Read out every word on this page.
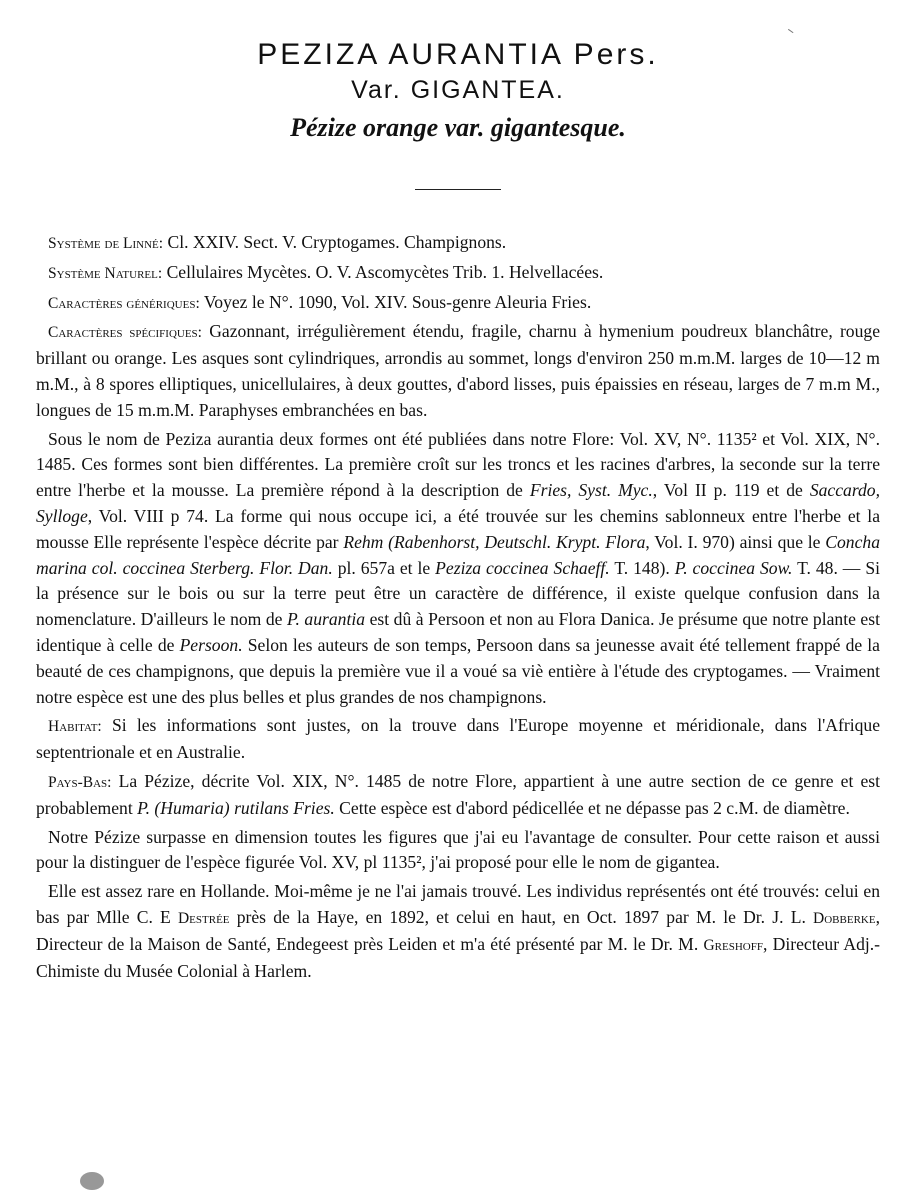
PEZIZA AURANTIA Pers.
Var. GIGANTEA.
Pézize orange var. gigantesque.

Système de Linné: Cl. XXIV. Sect. V. Cryptogames. Champignons.

Système Naturel: Cellulaires Mycètes. O. V. Ascomycètes Trib. 1. Helvellacées.

Caractères génériques: Voyez le N°. 1090, Vol. XIV. Sous-genre Aleuria Fries.

Caractères spécifiques: Gazonnant, irrégulièrement étendu, fragile, charnu à hymenium poudreux blanchâtre, rouge brillant ou orange. Les asques sont cylindriques, arrondis au sommet, longs d'environ 250 m.m.M. larges de 10—12 m m.M., à 8 spores elliptiques, unicellulaires, à deux gouttes, d'abord lisses, puis épaissies en réseau, larges de 7 m.m M., longues de 15 m.m.M. Paraphyses embranchées en bas.

Sous le nom de Peziza aurantia deux formes ont été publiées dans notre Flore: Vol. XV, N°. 1135² et Vol. XIX, N°. 1485. Ces formes sont bien différentes. La première croît sur les troncs et les racines d'arbres, la seconde sur la terre entre l'herbe et la mousse. La première répond à la description de Fries, Syst. Myc., Vol II p. 119 et de Saccardo, Sylloge, Vol. VIII p 74. La forme qui nous occupe ici, a été trouvée sur les chemins sablonneux entre l'herbe et la mousse Elle représente l'espèce décrite par Rehm (Rabenhorst, Deutschl. Krypt. Flora, Vol. I. 970) ainsi que le Concha marina col. coccinea Sterberg. Flor. Dan. pl. 657a et le Peziza coccinea Schaeff. T. 148). P. coccinea Sow. T. 48. — Si la présence sur le bois ou sur la terre peut être un caractère de différence, il existe quelque confusion dans la nomenclature. D'ailleurs le nom de P. aurantia est dû à Persoon et non au Flora Danica. Je présume que notre plante est identique à celle de Persoon. Selon les auteurs de son temps, Persoon dans sa jeunesse avait été tellement frappé de la beauté de ces champignons, que depuis la première vue il a voué sa viè entière à l'étude des cryptogames. — Vraiment notre espèce est une des plus belles et plus grandes de nos champignons.

Habitat: Si les informations sont justes, on la trouve dans l'Europe moyenne et méridionale, dans l'Afrique septentrionale et en Australie.

Pays-Bas: La Pézize, décrite Vol. XIX, N°. 1485 de notre Flore, appartient à une autre section de ce genre et est probablement P. (Humaria) rutilans Fries. Cette espèce est d'abord pédicellée et ne dépasse pas 2 c.M. de diamètre.

Notre Pézize surpasse en dimension toutes les figures que j'ai eu l'avantage de consulter. Pour cette raison et aussi pour la distinguer de l'espèce figurée Vol. XV, pl 1135², j'ai proposé pour elle le nom de gigantea.

Elle est assez rare en Hollande. Moi-même je ne l'ai jamais trouvé. Les individus représentés ont été trouvés: celui en bas par Mlle C. E Destrée près de la Haye, en 1892, et celui en haut, en Oct. 1897 par M. le Dr. J. L. Dobberke, Directeur de la Maison de Santé, Endegeest près Leiden et m'a été présenté par M. le Dr. M. Greshoff, Directeur Adj.-Chimiste du Musée Colonial à Harlem.
